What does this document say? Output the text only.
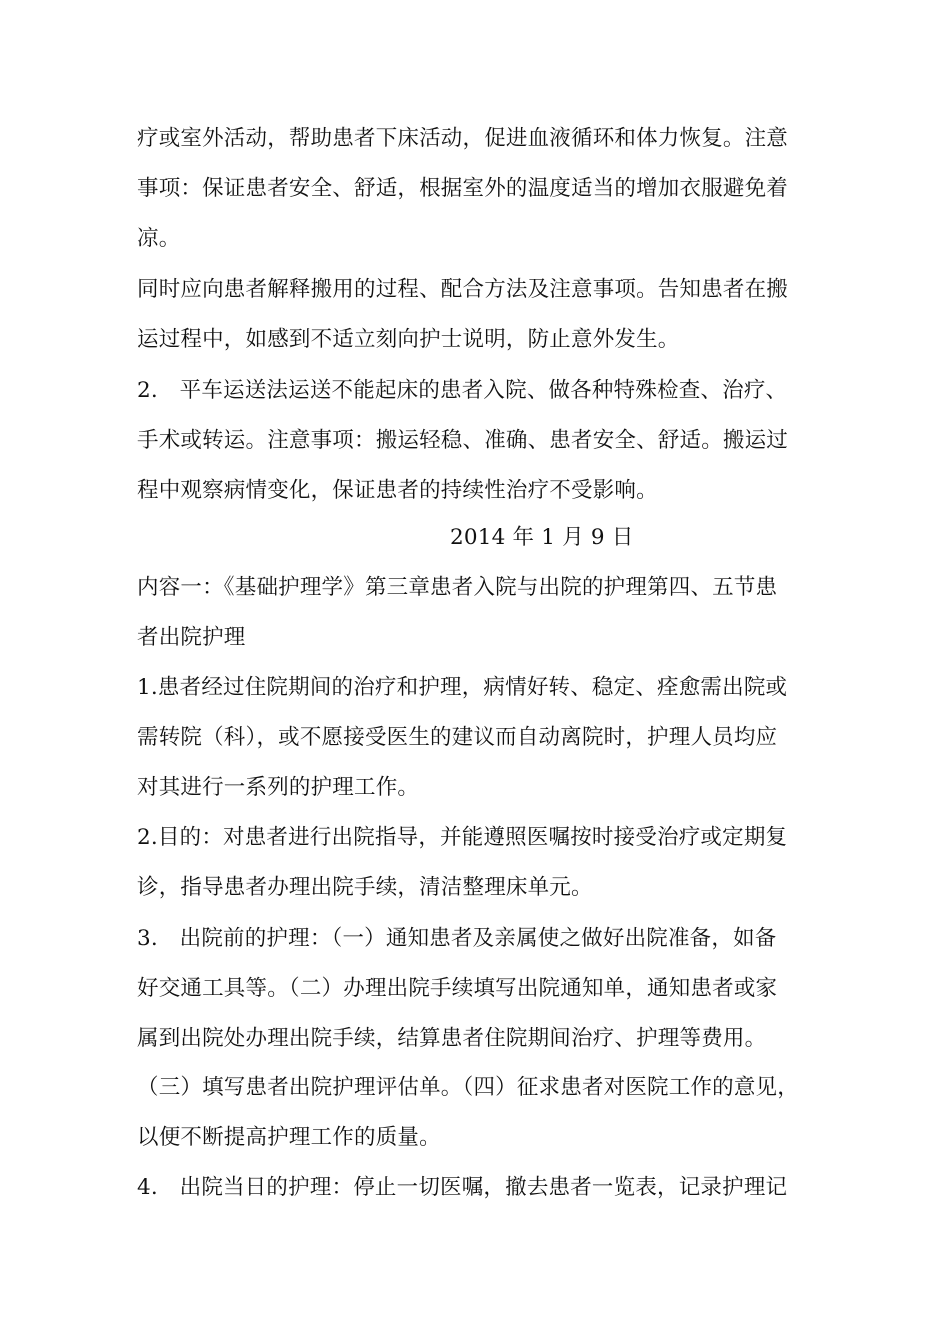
疗或室外活动，帮助患者下床活动，促进血液循环和体力恢复。注意
事项：保证患者安全、舒适，根据室外的温度适当的增加衣服避免着
凉。
同时应向患者解释搬用的过程、配合方法及注意事项。告知患者在搬
运过程中，如感到不适立刻向护士说明，防止意外发生。
2.　平车运送法运送不能起床的患者入院、做各种特殊检查、治疗、
手术或转运。注意事项：搬运轻稳、准确、患者安全、舒适。搬运过
程中观察病情变化，保证患者的持续性治疗不受影响。
2014 年 1 月 9 日
内容一：《基础护理学》第三章患者入院与出院的护理第四、五节患
者出院护理
1.患者经过住院期间的治疗和护理，病情好转、稳定、痊愈需出院或
需转院（科），或不愿接受医生的建议而自动离院时，护理人员均应
对其进行一系列的护理工作。
2.目的：对患者进行出院指导，并能遵照医嘱按时接受治疗或定期复
诊，指导患者办理出院手续，清洁整理床单元。
3.　出院前的护理：（一）通知患者及亲属使之做好出院准备，如备
好交通工具等。（二）办理出院手续填写出院通知单，通知患者或家
属到出院处办理出院手续，结算患者住院期间治疗、护理等费用。
（三）填写患者出院护理评估单。（四）征求患者对医院工作的意见，
以便不断提高护理工作的质量。
4.　出院当日的护理：停止一切医嘱，撤去患者一览表，记录护理记
